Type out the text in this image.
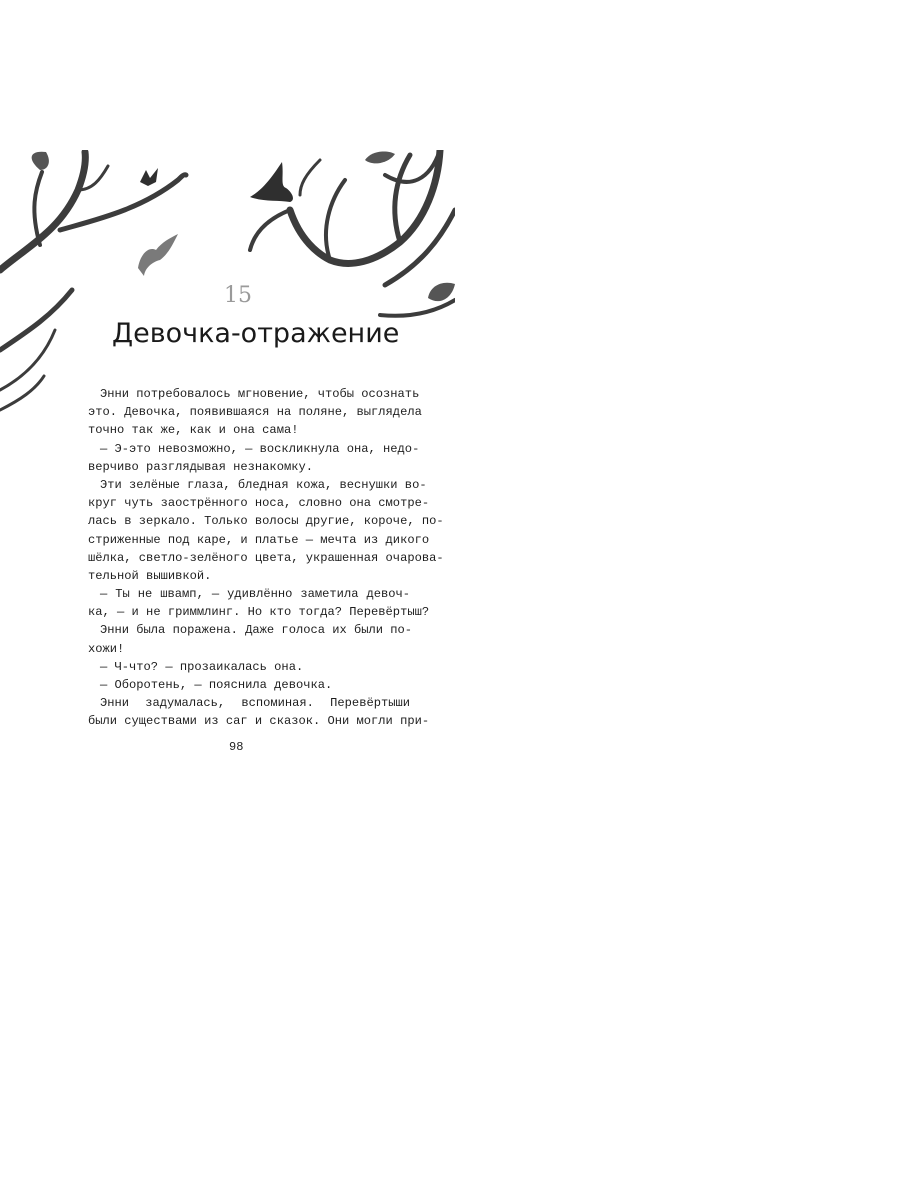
15
Девочка-отражение
Энни потребовалось мгновение, чтобы осознать
это. Девочка, появившаяся на поляне, выглядела
точно так же, как и она сама!
— Э-это невозможно, — воскликнула она, недо-
верчиво разглядывая незнакомку.
Эти зелёные глаза, бледная кожа, веснушки во-
круг чуть заострённого носа, словно она смотре-
лась в зеркало. Только волосы другие, короче, по-
стриженные под каре, и платье — мечта из дикого
шёлка, светло-зелёного цвета, украшенная очарова-
тельной вышивкой.
— Ты не швамп, — удивлённо заметила девоч-
ка, — и не гриммлинг. Но кто тогда? Перевёртыш?
Энни была поражена. Даже голоса их были по-
хожи!
— Ч-что? — прозаикалась она.
— Оборотень, — пояснила девочка.
Энни задумалась, вспоминая. Перевёртыши
были существами из саг и сказок. Они могли при-
98
